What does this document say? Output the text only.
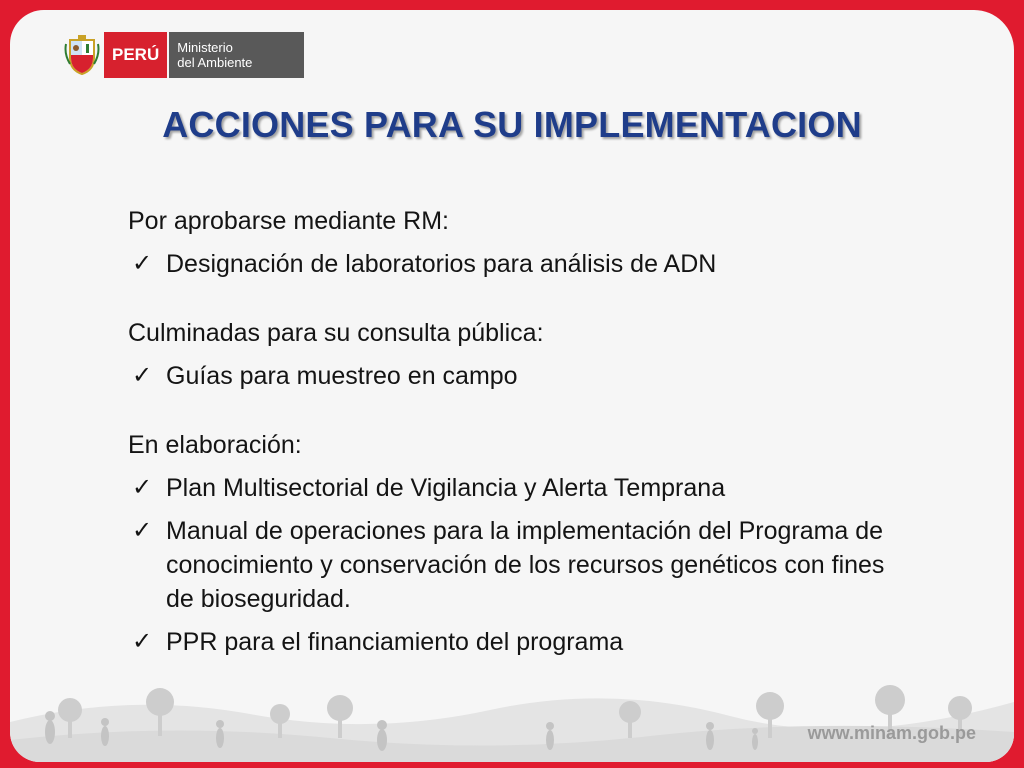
PERÚ	Ministerio
del Ambiente
ACCIONES PARA SU IMPLEMENTACION

Por aprobarse mediante RM:

✓ Designación de laboratorios para análisis de ADN

Culminadas para su consulta pública:

✓ Guías para muestreo en campo

En elaboración:

✓ Plan Multisectorial de Vigilancia y Alerta Temprana
✓ Manual de operaciones para la implementación del Programa de conocimiento y conservación de los recursos genéticos con fines de bioseguridad.
✓ PPR para el financiamiento del programa

www.minam.gob.pe
